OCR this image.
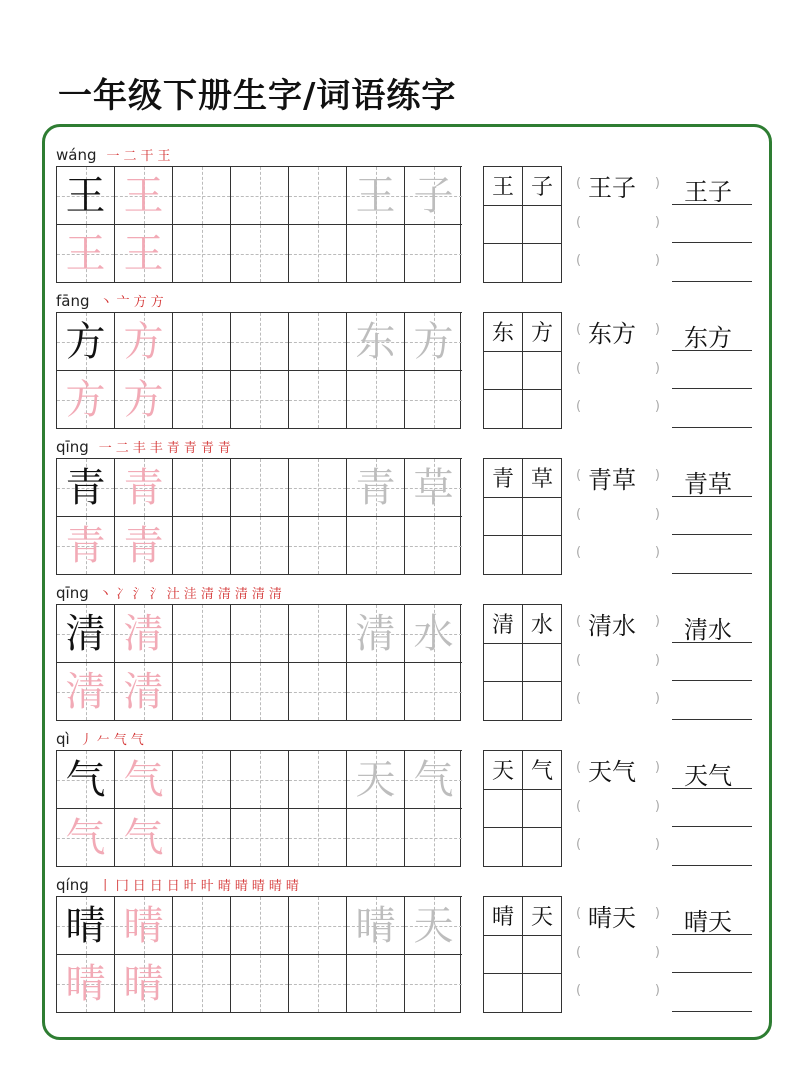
一年级下册生字/词语练字
wáng 一 二 干 王
王 王	王 子
王 王
王 子	(	)
王子
(	)
(	)
王子
fāng 丶 亠 方 方
方 方	东 方
方 方
东 方	(	)
东方
(	)
(	)
东方
qīng 一 二 丰 丰 青 青 青 青
青 青	青 草
青 青
青 草	(	)
青草
(	)
(	)
青草
qīng 丶 冫 氵 氵 汢 洼 清 清 清 清 清
清 清	清 水
清 清
清 水	(	)
清水
(	)
(	)
清水
qì 丿 𠂉 气 气
气 气	天 气
气 气
天 气	(	)
天气
(	)
(	)
天气
qíng 丨 冂 日 日 日 旪 旪 晴 晴 晴 晴 晴
晴 晴	晴 天
晴 晴
晴 天	(	)
晴天
(	)
(	)
晴天
